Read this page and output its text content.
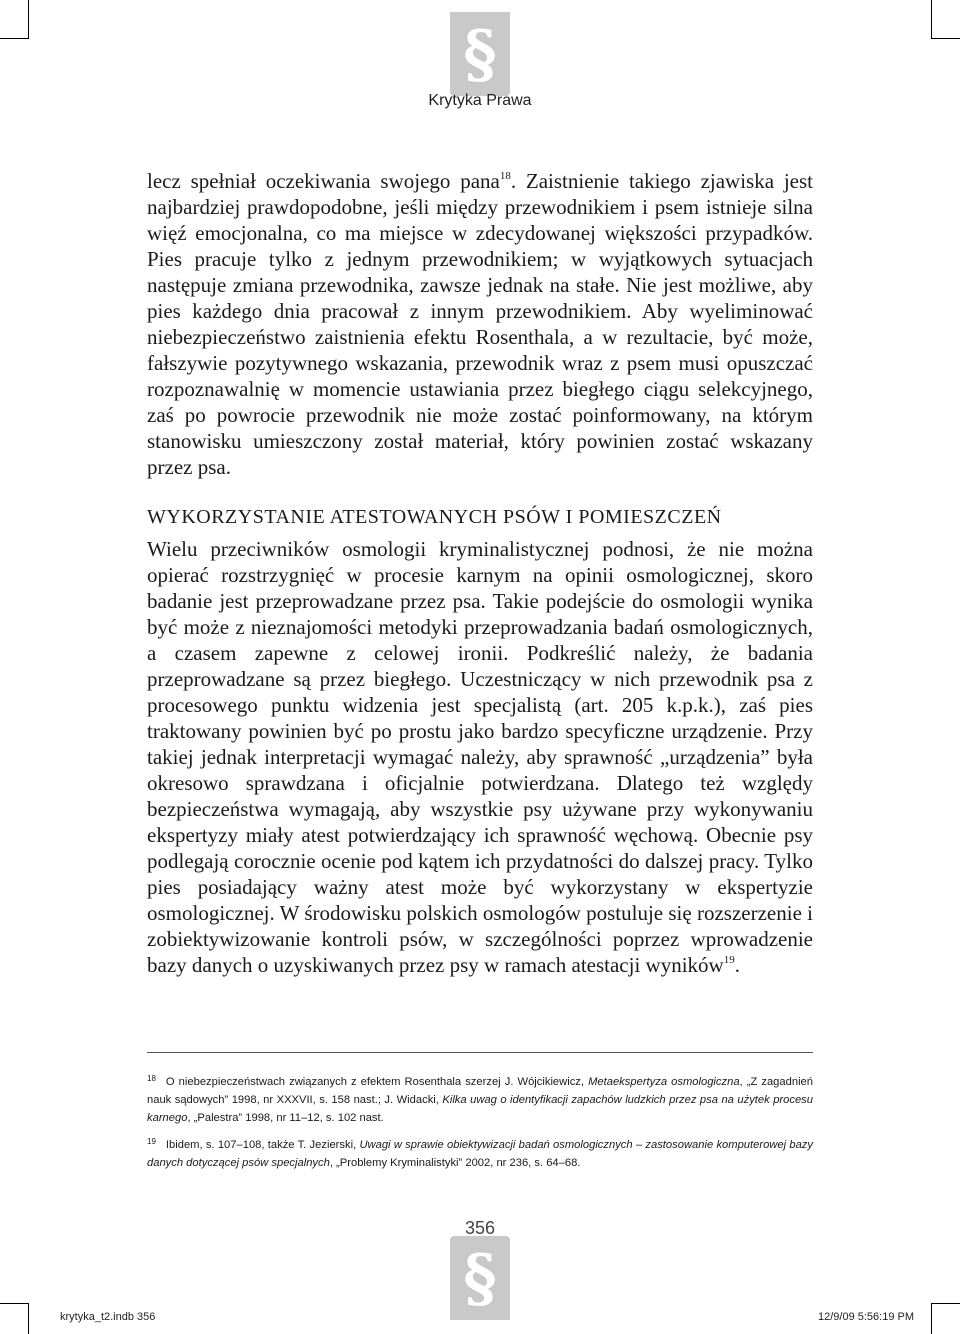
§
Krytyka Prawa

lecz spełniał oczekiwania swojego pana$^{18}$. Zaistnienie takiego zjawiska jest najbardziej prawdopodobne, jeśli między przewodnikiem i psem istnieje silna więź emocjonalna, co ma miejsce w zdecydowanej większości przypadków. Pies pracuje tylko z jednym przewodnikiem; w wyjątkowych sytuacjach następuje zmiana przewodnika, zawsze jednak na stałe. Nie jest możliwe, aby pies każdego dnia pracował z innym przewodnikiem. Aby wyeliminować niebezpieczeństwo zaistnienia efektu Rosenthala, a w rezultacie, być może, fałszywie pozytywnego wskazania, przewodnik wraz z psem musi opuszczać rozpoznawalnię w momencie ustawiania przez biegłego ciągu selekcyjnego, zaś po powrocie przewodnik nie może zostać poinformowany, na którym stanowisku umieszczony został materiał, który powinien zostać wskazany przez psa.

WYKORZYSTANIE ATESTOWANYCH PSÓW I POMIESZCZEŃ

Wielu przeciwników osmologii kryminalistycznej podnosi, że nie można opierać rozstrzygnięć w procesie karnym na opinii osmologicznej, skoro badanie jest przeprowadzane przez psa. Takie podejście do osmologii wynika być może z nieznajomości metodyki przeprowadzania badań osmologicznych, a czasem zapewne z celowej ironii. Podkreślić należy, że badania przeprowadzane są przez biegłego. Uczestniczący w nich przewodnik psa z procesowego punktu widzenia jest specjalistą (art. 205 k.p.k.), zaś pies traktowany powinien być po prostu jako bardzo specyficzne urządzenie. Przy takiej jednak interpretacji wymagać należy, aby sprawność „urządzenia” była okresowo sprawdzana i oficjalnie potwierdzana. Dlatego też względy bezpieczeństwa wymagają, aby wszystkie psy używane przy wykonywaniu ekspertyzy miały atest potwierdzający ich sprawność węchową. Obecnie psy podlegają corocznie ocenie pod kątem ich przydatności do dalszej pracy. Tylko pies posiadający ważny atest może być wykorzystany w ekspertyzie osmologicznej. W środowisku polskich osmologów postuluje się rozszerzenie i zobiektywizowanie kontroli psów, w szczególności poprzez wprowadzenie bazy danych o uzyskiwanych przez psy w ramach atestacji wyników$^{19}$.

$^{18}$ O niebezpieczeństwach związanych z efektem Rosenthala szerzej J. Wójcikiewicz, Metaekspertyza osmologiczna, „Z zagadnień nauk sądowych” 1998, nr XXXVII, s. 158 nast.; J. Widacki, Kilka uwag o identyfikacji zapachów ludzkich przez psa na użytek procesu karnego, „Palestra” 1998, nr 11–12, s. 102 nast.

$^{19}$ Ibidem, s. 107–108, także T. Jezierski, Uwagi w sprawie obiektywizacji badań osmologicznych – zastosowanie komputerowej bazy danych dotyczącej psów specjalnych, „Problemy Kryminalistyki” 2002, nr 236, s. 64–68.

§
356
krytyka_t2.indb 356	12/9/09 5:56:19 PM
